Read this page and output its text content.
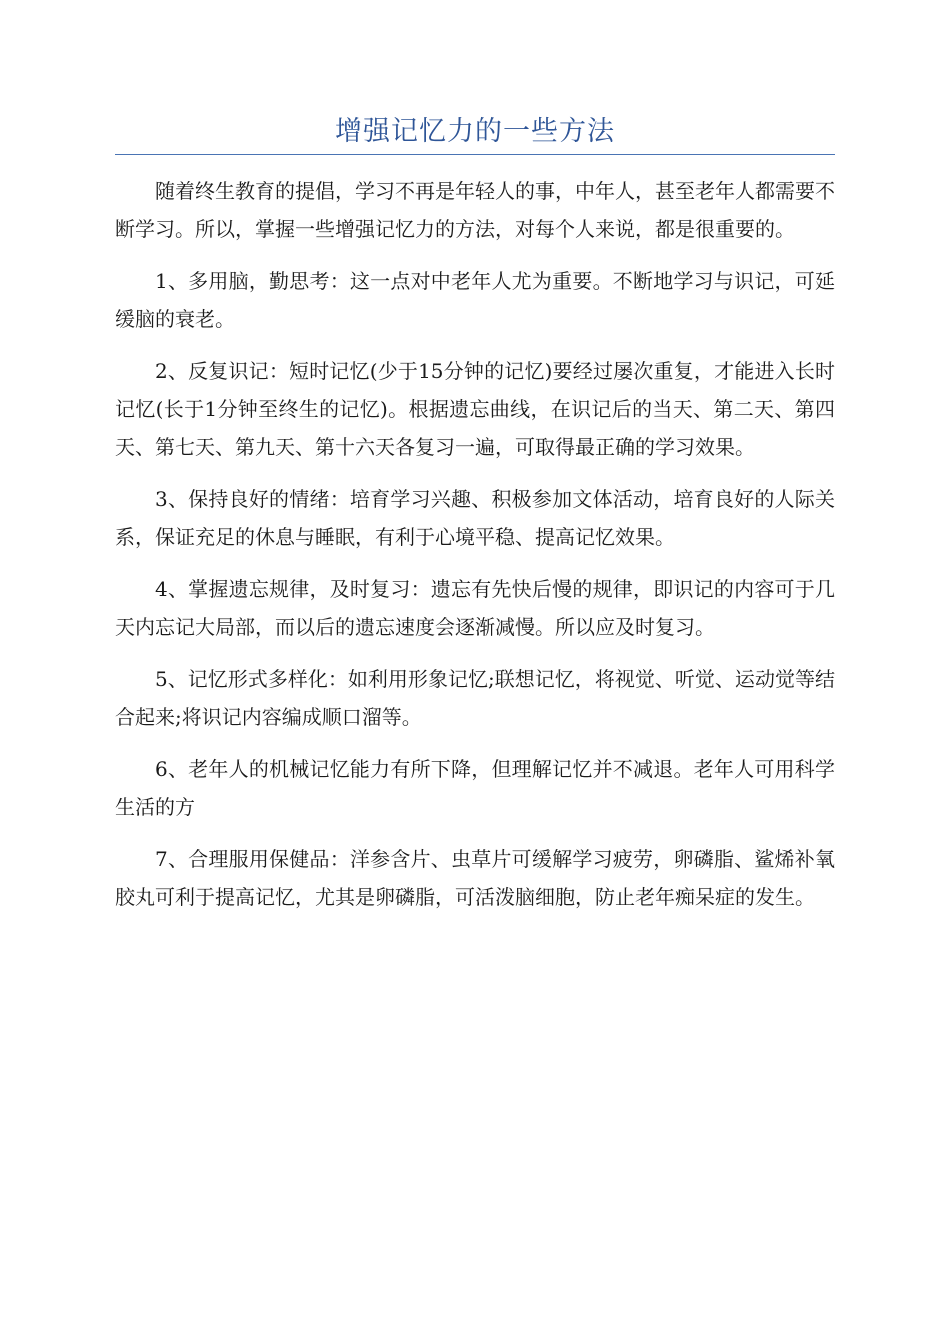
增强记忆力的一些方法

随着终生教育的提倡，学习不再是年轻人的事，中年人，甚至老年人都需要不断学习。所以，掌握一些增强记忆力的方法，对每个人来说，都是很重要的。

1、多用脑，勤思考：这一点对中老年人尤为重要。不断地学习与识记，可延缓脑的衰老。

2、反复识记：短时记忆(少于15分钟的记忆)要经过屡次重复，才能进入长时记忆(长于1分钟至终生的记忆)。根据遗忘曲线，在识记后的当天、第二天、第四天、第七天、第九天、第十六天各复习一遍，可取得最正确的学习效果。

3、保持良好的情绪：培育学习兴趣、积极参加文体活动，培育良好的人际关系，保证充足的休息与睡眠，有利于心境平稳、提高记忆效果。

4、掌握遗忘规律，及时复习：遗忘有先快后慢的规律，即识记的内容可于几天内忘记大局部，而以后的遗忘速度会逐渐减慢。所以应及时复习。

5、记忆形式多样化：如利用形象记忆;联想记忆，将视觉、听觉、运动觉等结合起来;将识记内容编成顺口溜等。

6、老年人的机械记忆能力有所下降，但理解记忆并不减退。老年人可用科学生活的方

7、合理服用保健品：洋参含片、虫草片可缓解学习疲劳，卵磷脂、鲨烯补氧胶丸可利于提高记忆，尤其是卵磷脂，可活泼脑细胞，防止老年痴呆症的发生。
